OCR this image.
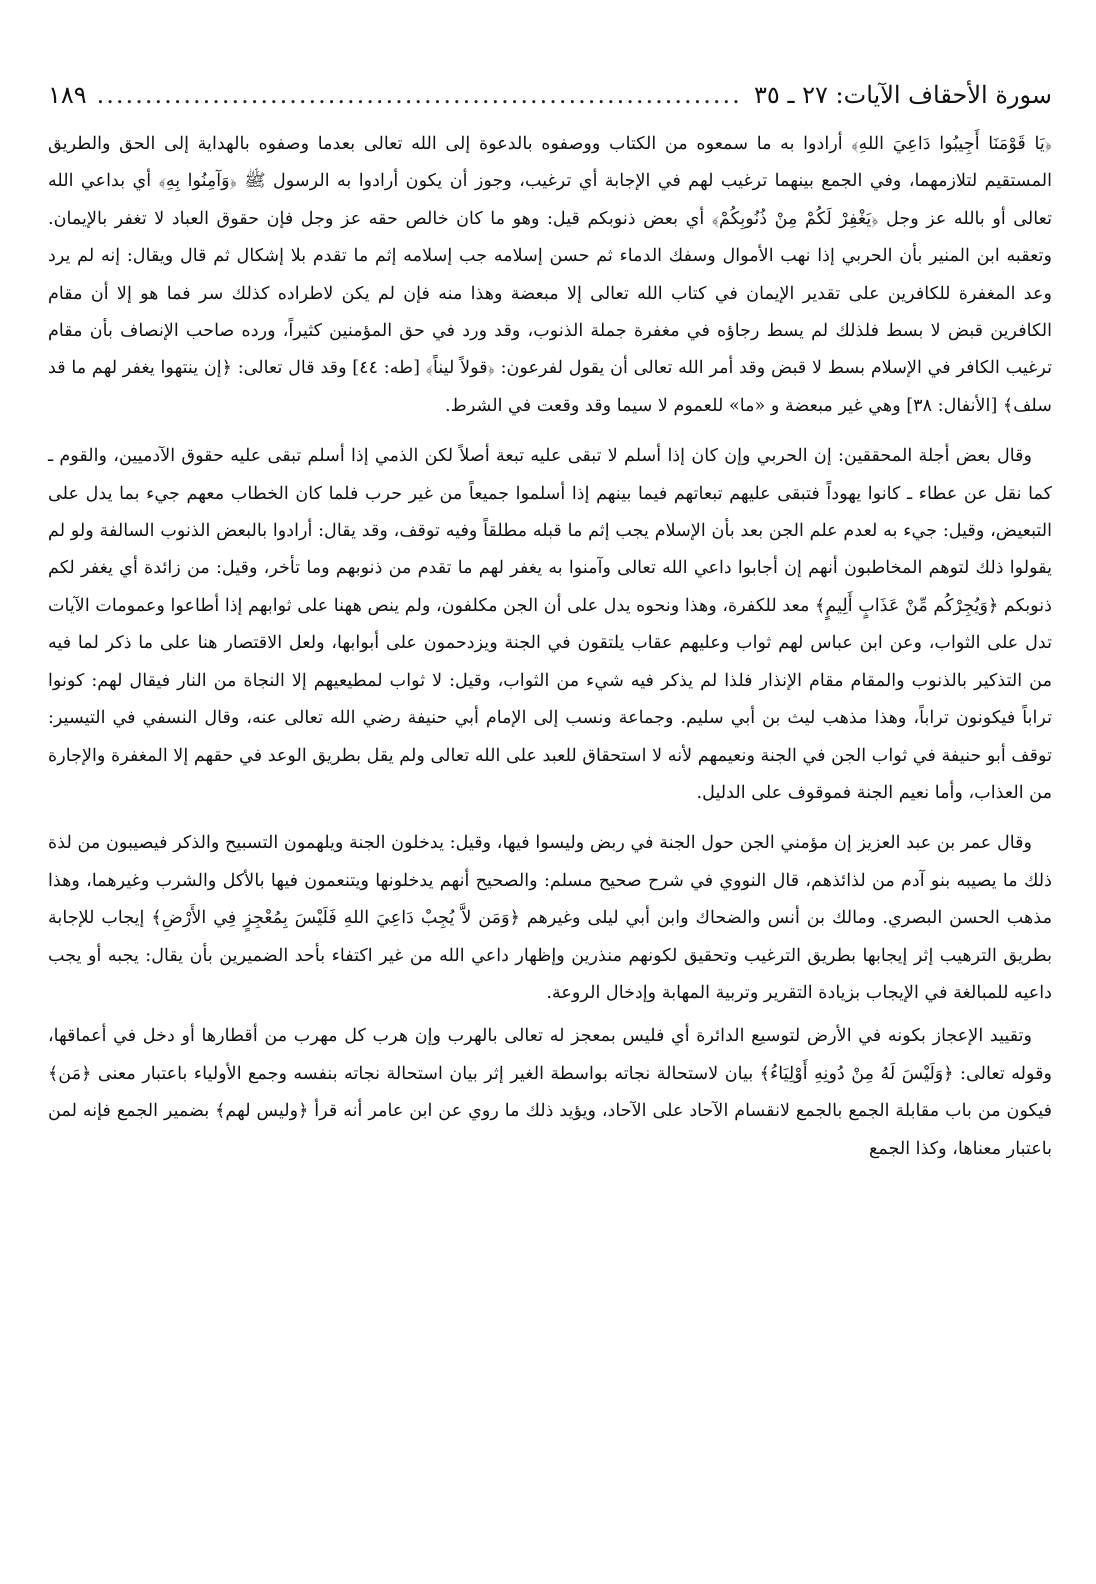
سورة الأحقاف الآيات: ٢٧ ـ ٣٥
.....
١٨٩

﴿يَا قَوْمَنَا أَجِيبُوا دَاعِيَ اللهِ﴾ أرادوا به ما سمعوه من الكتاب ووصفوه بالدعوة إلى الله تعالى بعدما وصفوه بالهداية إلى الحق والطريق المستقيم لتلازمهما، وفي الجمع بينهما ترغيب لهم في الإجابة أي ترغيب، وجوز أن يكون أرادوا به الرسول ﷺ ﴿وَآمِنُوا بِهِ﴾ أي بداعي الله تعالى أو بالله عز وجل ﴿يَغْفِرْ لَكُمْ مِنْ ذُنُوبِكُمْ﴾ أي بعض ذنوبكم قيل: وهو ما كان خالص حقه عز وجل فإن حقوق العباد لا تغفر بالإيمان. وتعقبه ابن المنير بأن الحربي إذا نهب الأموال وسفك الدماء ثم حسن إسلامه جب إسلامه إثم ما تقدم بلا إشكال ثم قال ويقال: إنه لم يرد وعد المغفرة للكافرين على تقدير الإيمان في كتاب الله تعالى إلا مبعضة وهذا منه فإن لم يكن لاطراده كذلك سر فما هو إلا أن مقام الكافرين قبض لا بسط فلذلك لم يسط رجاؤه في مغفرة جملة الذنوب، وقد ورد في حق المؤمنين كثيراً، ورده صاحب الإنصاف بأن مقام ترغيب الكافر في الإسلام بسط لا قبض وقد أمر الله تعالى أن يقول لفرعون: ﴿قولاً ليناً﴾ [طه: ٤٤] وقد قال تعالى: ﴿إن ينتهوا يغفر لهم ما قد سلف﴾ [الأنفال: ٣٨] وهي غير مبعضة و «ما» للعموم لا سيما وقد وقعت في الشرط.

وقال بعض أجلة المحققين: إن الحربي وإن كان إذا أسلم لا تبقى عليه تبعة أصلاً لكن الذمي إذا أسلم تبقى عليه حقوق الآدميين، والقوم ـ كما نقل عن عطاء ـ كانوا يهوداً فتبقى عليهم تبعاتهم فيما بينهم إذا أسلموا جميعاً من غير حرب فلما كان الخطاب معهم جيء بما يدل على التبعيض، وقيل: جيء به لعدم علم الجن بعد بأن الإسلام يجب إثم ما قبله مطلقاً وفيه توقف، وقد يقال: أرادوا بالبعض الذنوب السالفة ولو لم يقولوا ذلك لتوهم المخاطبون أنهم إن أجابوا داعي الله تعالى وآمنوا به يغفر لهم ما تقدم من ذنوبهم وما تأخر، وقيل: من زائدة أي يغفر لكم ذنوبكم ﴿وَيُجِرْكُم مِّنْ عَذَابٍ أَلِيمٍ﴾ معد للكفرة، وهذا ونحوه يدل على أن الجن مكلفون، ولم ينص ههنا على ثوابهم إذا أطاعوا وعمومات الآيات تدل على الثواب، وعن ابن عباس لهم ثواب وعليهم عقاب يلتقون في الجنة ويزدحمون على أبوابها، ولعل الاقتصار هنا على ما ذكر لما فيه من التذكير بالذنوب والمقام مقام الإنذار فلذا لم يذكر فيه شيء من الثواب، وقيل: لا ثواب لمطيعيهم إلا النجاة من النار فيقال لهم: كونوا تراباً فيكونون تراباً، وهذا مذهب ليث بن أبي سليم. وجماعة ونسب إلى الإمام أبي حنيفة رضي الله تعالى عنه، وقال النسفي في التيسير: توقف أبو حنيفة في ثواب الجن في الجنة ونعيمهم لأنه لا استحقاق للعبد على الله تعالى ولم يقل بطريق الوعد في حقهم إلا المغفرة والإجارة من العذاب، وأما نعيم الجنة فموقوف على الدليل.

وقال عمر بن عبد العزيز إن مؤمني الجن حول الجنة في ربض وليسوا فيها، وقيل: يدخلون الجنة ويلهمون التسبيح والذكر فيصيبون من لذة ذلك ما يصيبه بنو آدم من لذائذهم، قال النووي في شرح صحيح مسلم: والصحيح أنهم يدخلونها ويتنعمون فيها بالأكل والشرب وغيرهما، وهذا مذهب الحسن البصري. ومالك بن أنس والضحاك وابن أبي ليلى وغيرهم ﴿وَمَن لاَّ يُجِبْ دَاعِيَ اللهِ فَلَيْسَ بِمُعْجِزٍ فِي الأَرْضِ﴾ إيجاب للإجابة بطريق الترهيب إثر إيجابها بطريق الترغيب وتحقيق لكونهم منذرين وإظهار داعي الله من غير اكتفاء بأحد الضميرين بأن يقال: يجبه أو يجب داعيه للمبالغة في الإيجاب بزيادة التقرير وتربية المهابة وإدخال الروعة.

وتقييد الإعجاز بكونه في الأرض لتوسيع الدائرة أي فليس بمعجز له تعالى بالهرب وإن هرب كل مهرب من أقطارها أو دخل في أعماقها، وقوله تعالى: ﴿وَلَيْسَ لَهُ مِنْ دُونِهِ أَوْلِيَاءُ﴾ بيان لاستحالة نجاته بواسطة الغير إثر بيان استحالة نجاته بنفسه وجمع الأولياء باعتبار معنى ﴿مَن﴾ فيكون من باب مقابلة الجمع بالجمع لانقسام الآحاد على الآحاد، ويؤيد ذلك ما روي عن ابن عامر أنه قرأ ﴿وليس لهم﴾ بضمير الجمع فإنه لمن باعتبار معناها، وكذا الجمع
